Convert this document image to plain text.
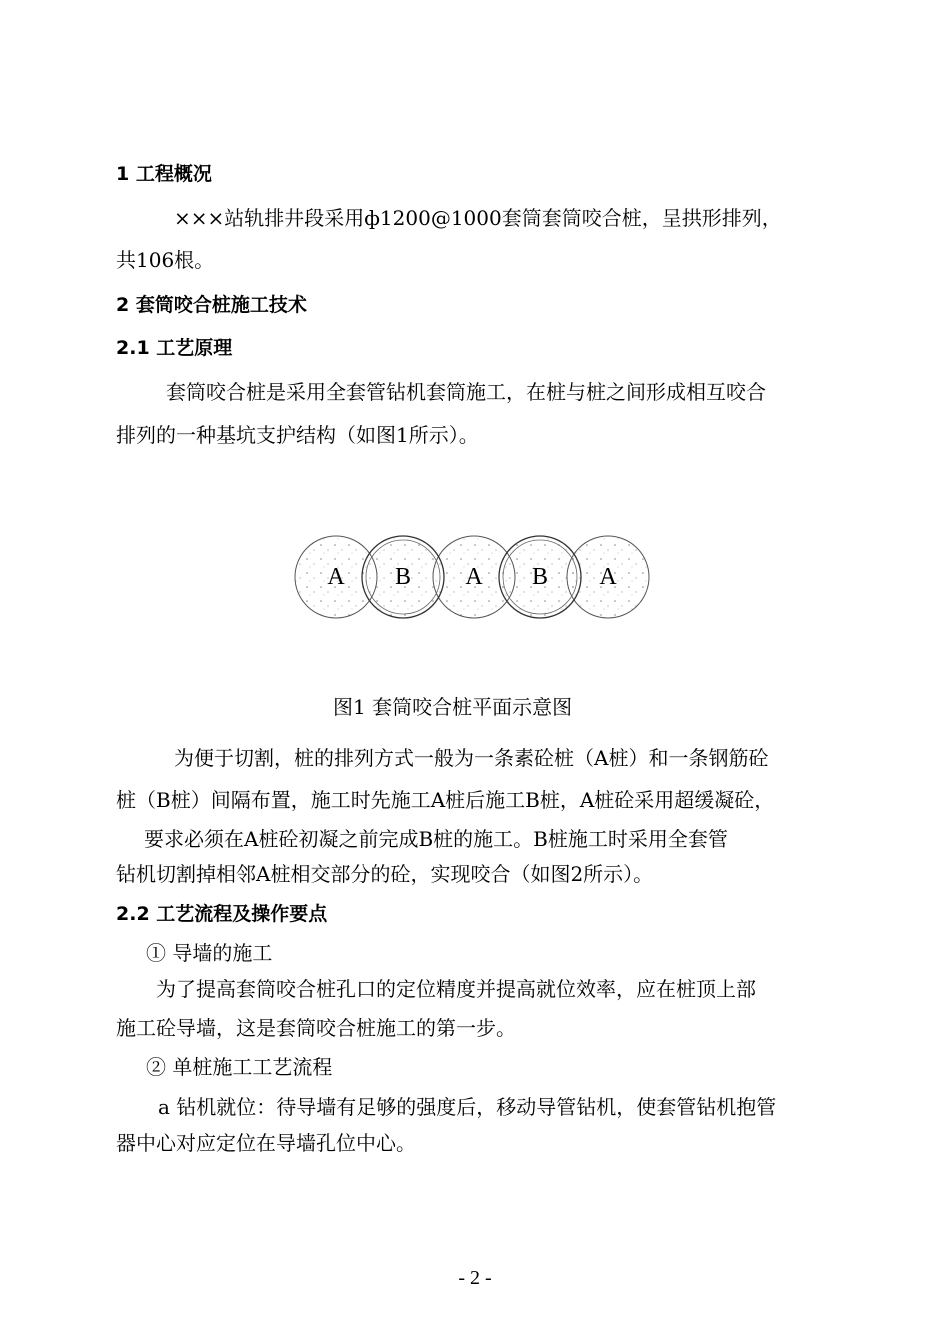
1 工程概况
×××站轨排井段采用ф1200@1000套筒套筒咬合桩，呈拱形排列，
共106根。
2 套筒咬合桩施工技术
2.1 工艺原理
套筒咬合桩是采用全套管钻机套筒施工，在桩与桩之间形成相互咬合
排列的一种基坑支护结构（如图1所示）。
A B A B A
图1 套筒咬合桩平面示意图
为便于切割，桩的排列方式一般为一条素砼桩（A桩）和一条钢筋砼
桩（B桩）间隔布置，施工时先施工A桩后施工B桩，A桩砼采用超缓凝砼，
要求必须在A桩砼初凝之前完成B桩的施工。B桩施工时采用全套管
钻机切割掉相邻A桩相交部分的砼，实现咬合（如图2所示）。
2.2 工艺流程及操作要点
① 导墙的施工
为了提高套筒咬合桩孔口的定位精度并提高就位效率，应在桩顶上部
施工砼导墙，这是套筒咬合桩施工的第一步。
② 单桩施工工艺流程
a 钻机就位：待导墙有足够的强度后，移动导管钻机，使套管钻机抱管
器中心对应定位在导墙孔位中心。
- 2 -
